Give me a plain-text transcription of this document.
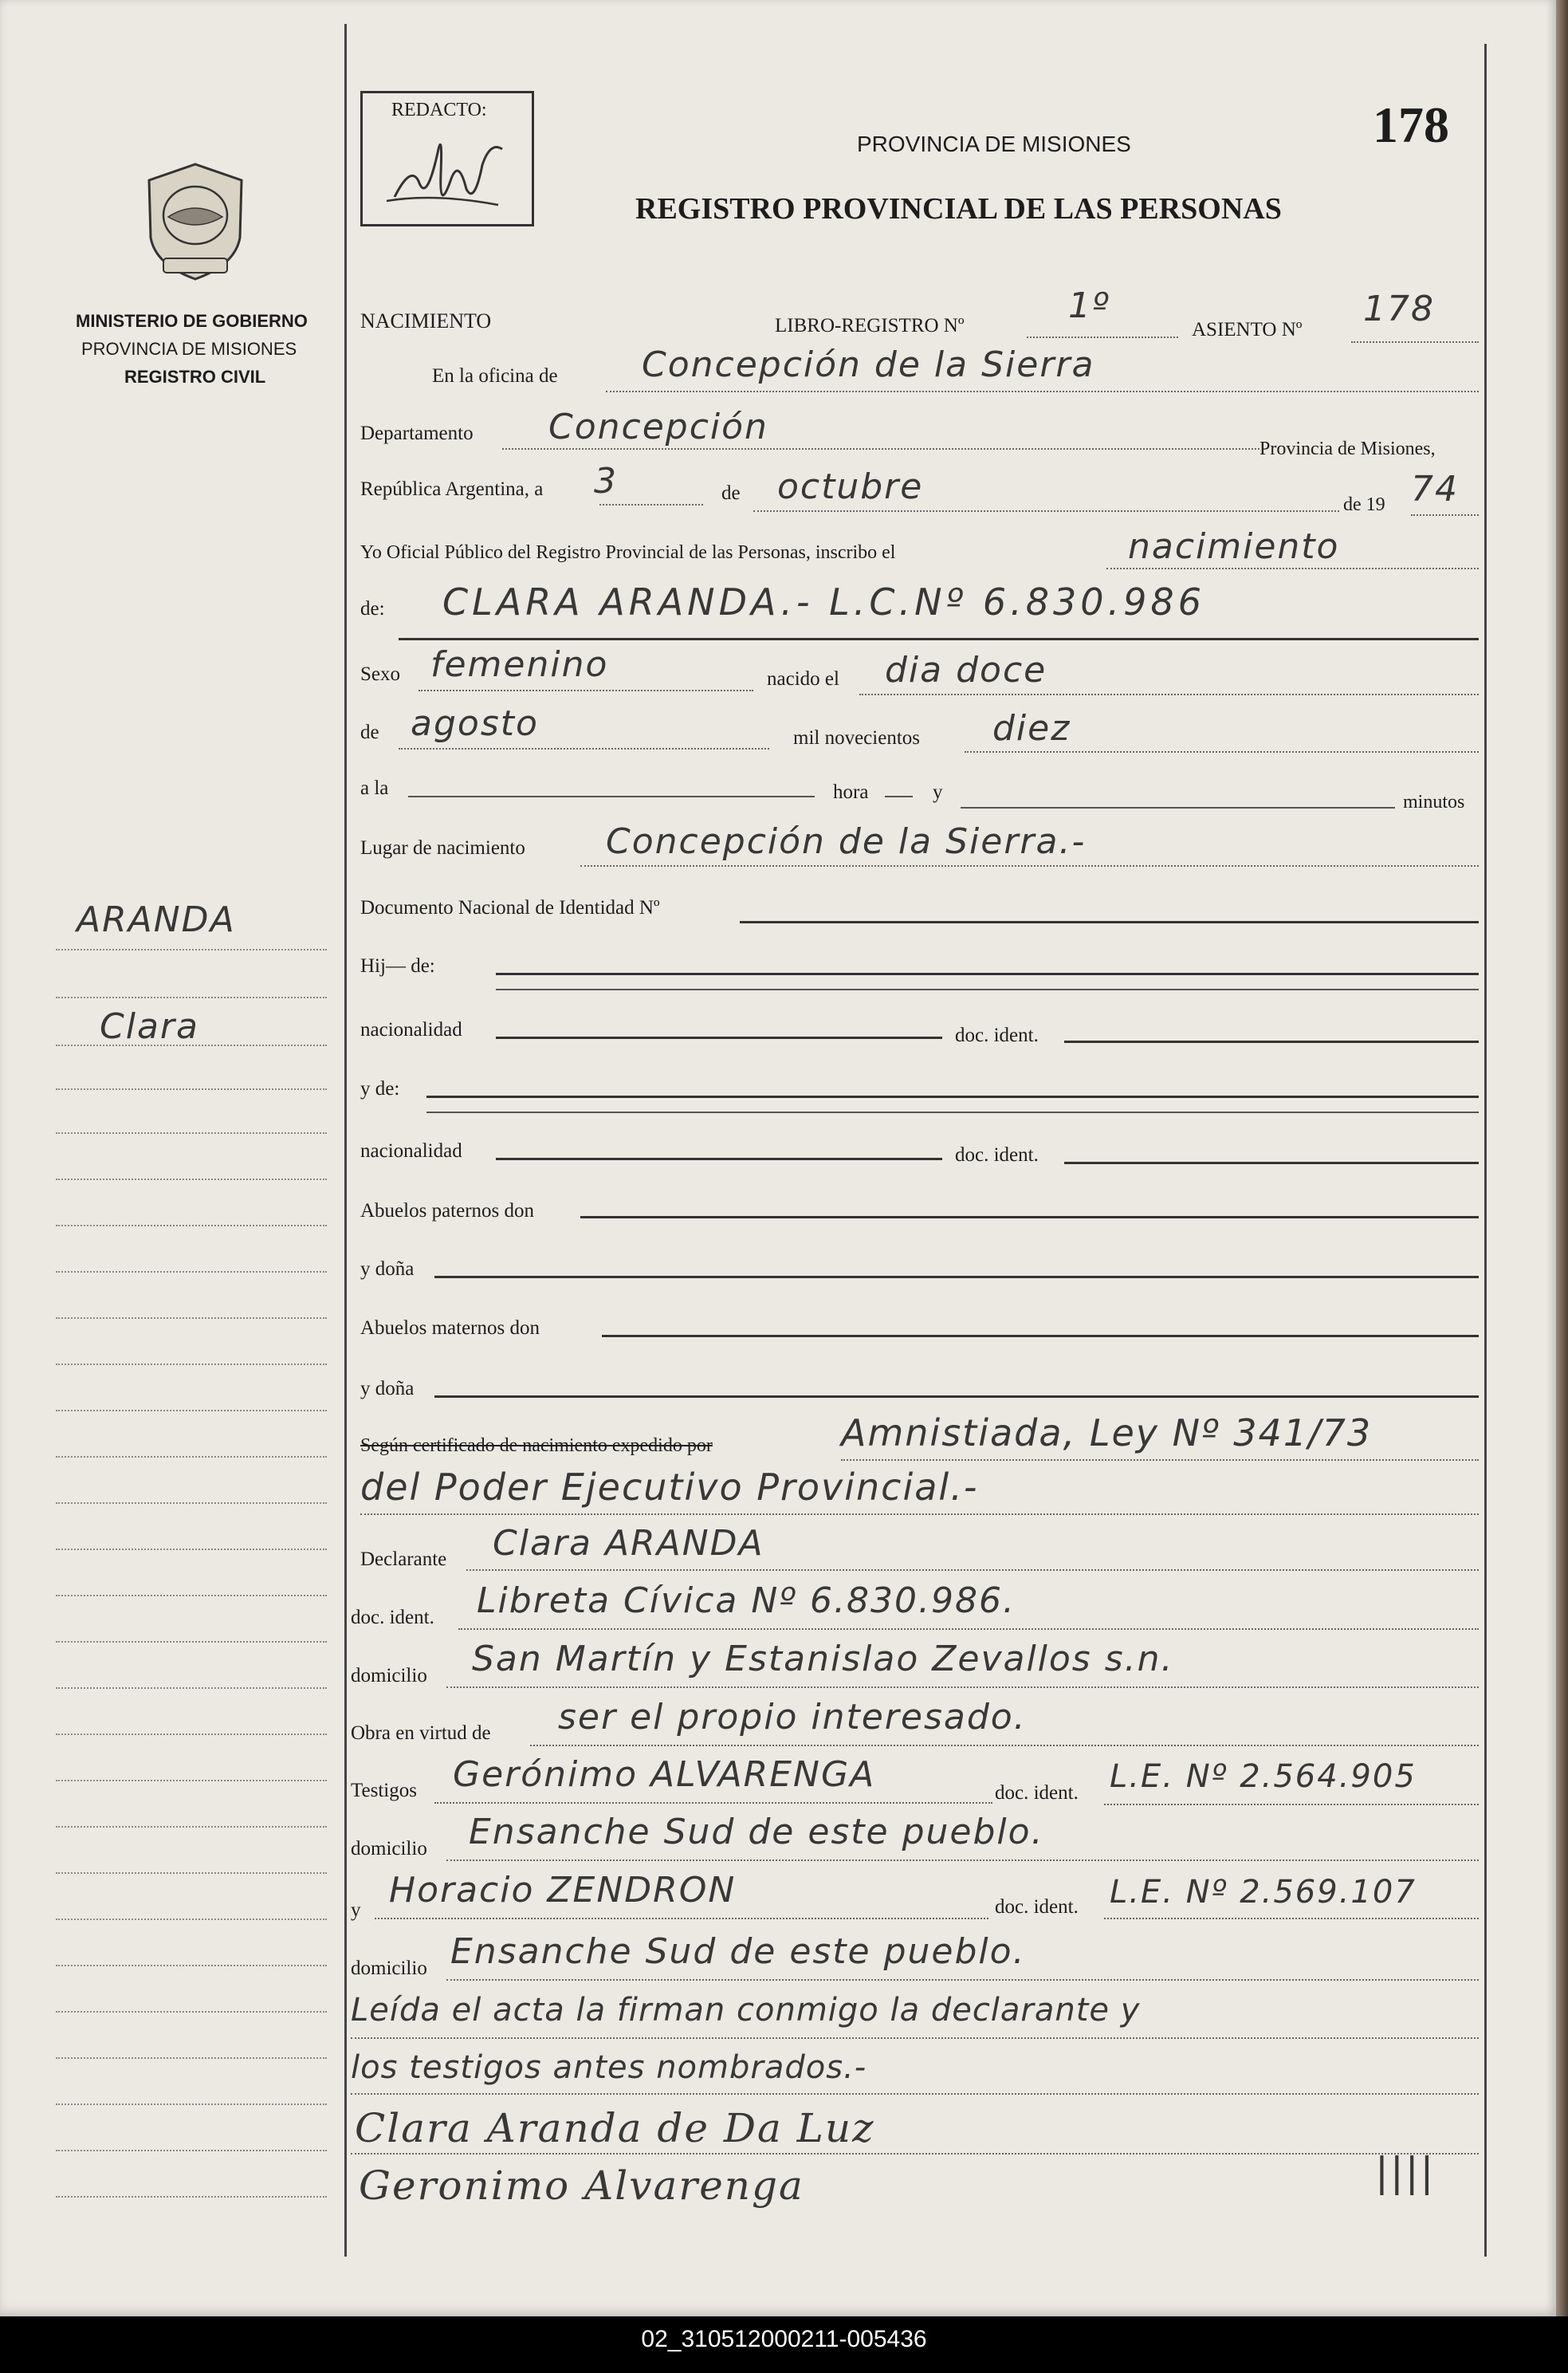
MINISTERIO DE GOBIERNO
PROVINCIA DE MISIONES
REGISTRO CIVIL
ARANDA
Clara
REDACTO:	178
PROVINCIA DE MISIONES
REGISTRO PROVINCIAL DE LAS PERSONAS
NACIMIENTO	LIBRO-REGISTRO Nº	1º
ASIENTO Nº
178
En la oficina de Concepción de la Sierra
Departamento Concepción
Provincia de Misiones,
República Argentina, a 3	de octubre	de 19 74
Yo Oficial Público del Registro Provincial de las Personas, inscribo el	nacimiento
de: CLARA ARANDA.- L.C.Nº 6.830.986
Sexo femenino	nacido el dia doce
de agosto	mil novecientos diez
a la	hora	y	minutos
Lugar de nacimiento Concepción de la Sierra.-
Documento Nacional de Identidad Nº
Hij— de:
nacionalidad	doc. ident.
y de:
nacionalidad	doc. ident.
Abuelos paternos don
y doña
Abuelos maternos don
y doña
Según certificado de nacimiento expedido por	Amnistiada, Ley Nº 341/73
del Poder Ejecutivo Provincial.-
Declarante Clara ARANDA
doc. ident. Libreta Cívica Nº 6.830.986.
domicilio San Martín y Estanislao Zevallos s.n.
Obra en virtud de ser el propio interesado.
Testigos Gerónimo ALVARENGA	doc. ident. L.E. Nº 2.564.905
domicilio Ensanche Sud de este pueblo.
y Horacio ZENDRON	doc. ident. L.E. Nº 2.569.107
domicilio Ensanche Sud de este pueblo.
Leída el acta la firman conmigo la declarante y
los testigos antes nombrados.-
Clara Aranda de Da Luz
Geronimo Alvarenga	||||
02_310512000211-005436
